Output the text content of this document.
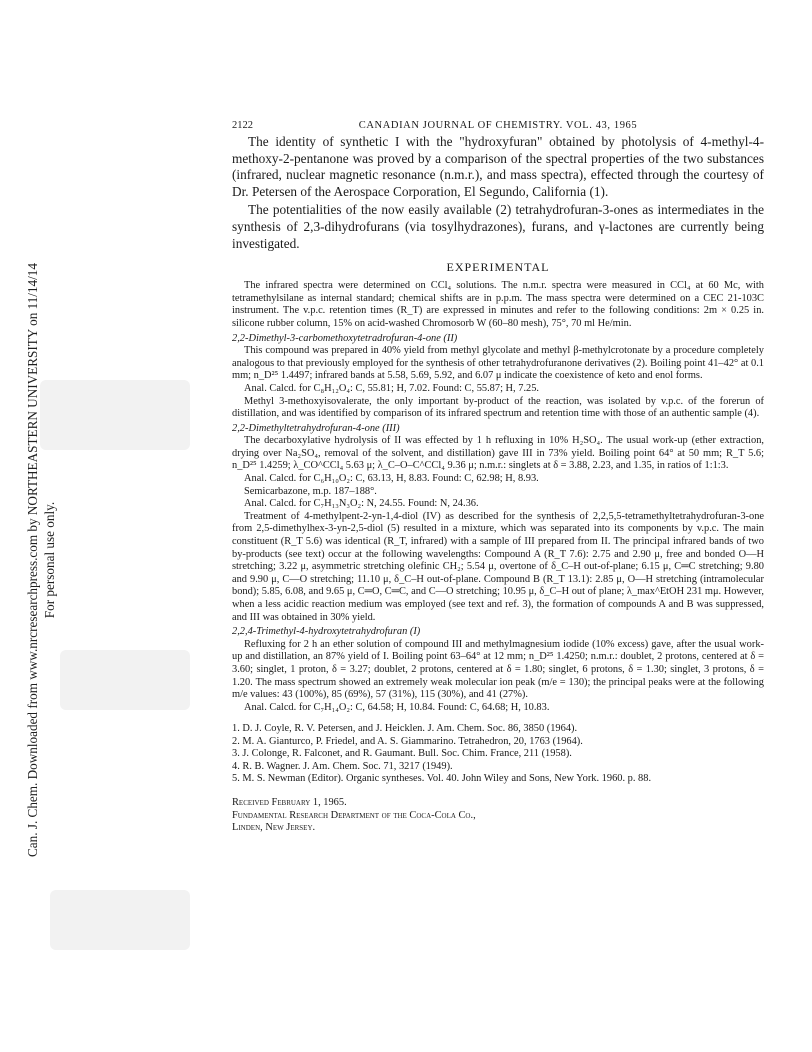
Can. J. Chem. Downloaded from www.nrcresearchpress.com by NORTHEASTERN UNIVERSITY on 11/14/14 For personal use only.
2122	CANADIAN JOURNAL OF CHEMISTRY. VOL. 43, 1965

The identity of synthetic I with the "hydroxyfuran" obtained by photolysis of 4-methyl-4-methoxy-2-pentanone was proved by a comparison of the spectral properties of the two substances (infrared, nuclear magnetic resonance (n.m.r.), and mass spectra), effected through the courtesy of Dr. Petersen of the Aerospace Corporation, El Segundo, California (1).

The potentialities of the now easily available (2) tetrahydrofuran-3-ones as intermediates in the synthesis of 2,3-dihydrofurans (via tosylhydrazones), furans, and γ-lactones are currently being investigated.

EXPERIMENTAL

The infrared spectra were determined on CCl₄ solutions. The n.m.r. spectra were measured in CCl₄ at 60 Mc, with tetramethylsilane as internal standard; chemical shifts are in p.p.m. The mass spectra were determined on a CEC 21-103C instrument. The v.p.c. retention times (R_T) are expressed in minutes and refer to the following conditions: 2m × 0.25 in. silicone rubber column, 15% on acid-washed Chromosorb W (60–80 mesh), 75°, 70 ml He/min.

2,2-Dimethyl-3-carbomethoxytetradrofuran-4-one (II)

This compound was prepared in 40% yield from methyl glycolate and methyl β-methylcrotonate by a procedure completely analogous to that previously employed for the synthesis of other tetrahydrofuranone derivatives (2). Boiling point 41–42° at 0.1 mm; n_D²⁵ 1.4497; infrared bands at 5.58, 5.69, 5.92, and 6.07 μ indicate the coexistence of keto and enol forms.

Anal. Calcd. for C₈H₁₂O₄: C, 55.81; H, 7.02. Found: C, 55.87; H, 7.25.

Methyl 3-methoxyisovalerate, the only important by-product of the reaction, was isolated by v.p.c. of the forerun of distillation, and was identified by comparison of its infrared spectrum and retention time with those of an authentic sample (4).

2,2-Dimethyltetrahydrofuran-4-one (III)

The decarboxylative hydrolysis of II was effected by 1 h refluxing in 10% H₂SO₄. The usual work-up (ether extraction, drying over Na₂SO₄, removal of the solvent, and distillation) gave III in 73% yield. Boiling point 64° at 50 mm; R_T 5.6; n_D²⁵ 1.4259; λ_CO^CCl₄ 5.63 μ; λ_C–O–C^CCl₄ 9.36 μ; n.m.r.: singlets at δ = 3.88, 2.23, and 1.35, in ratios of 1:1:3.

Anal. Calcd. for C₆H₁₀O₂: C, 63.13, H, 8.83. Found: C, 62.98; H, 8.93.

Semicarbazone, m.p. 187–188°.

Anal. Calcd. for C₇H₁₃N₃O₂: N, 24.55. Found: N, 24.36.

Treatment of 4-methylpent-2-yn-1,4-diol (IV) as described for the synthesis of 2,2,5,5-tetramethyltetrahydrofuran-3-one from 2,5-dimethylhex-3-yn-2,5-diol (5) resulted in a mixture, which was separated into its components by v.p.c. The main constituent (R_T 5.6) was identical (R_T, infrared) with a sample of III prepared from II. The principal infrared bands of two by-products (see text) occur at the following wavelengths: Compound A (R_T 7.6): 2.75 and 2.90 μ, free and bonded O—H stretching; 3.22 μ, asymmetric stretching olefinic CH₂; 5.54 μ, overtone of δ_C–H out-of-plane; 6.15 μ, C═C stretching; 9.80 and 9.90 μ, C—O stretching; 11.10 μ, δ_C–H out-of-plane. Compound B (R_T 13.1): 2.85 μ, O—H stretching (intramolecular bond); 5.85, 6.08, and 9.65 μ, C═O, C═C, and C—O stretching; 10.95 μ, δ_C–H out of plane; λ_max^EtOH 231 mμ. However, when a less acidic reaction medium was employed (see text and ref. 3), the formation of compounds A and B was suppressed, and III was obtained in 30% yield.

2,2,4-Trimethyl-4-hydroxytetrahydrofuran (I)

Refluxing for 2 h an ether solution of compound III and methylmagnesium iodide (10% excess) gave, after the usual work-up and distillation, an 87% yield of I. Boiling point 63–64° at 12 mm; n_D²⁵ 1.4250; n.m.r.: doublet, 2 protons, centered at δ = 3.60; singlet, 1 proton, δ = 3.27; doublet, 2 protons, centered at δ = 1.80; singlet, 6 protons, δ = 1.30; singlet, 3 protons, δ = 1.20. The mass spectrum showed an extremely weak molecular ion peak (m/e = 130); the principal peaks were at the following m/e values: 43 (100%), 85 (69%), 57 (31%), 115 (30%), and 41 (27%).

Anal. Calcd. for C₇H₁₄O₂: C, 64.58; H, 10.84. Found: C, 64.68; H, 10.83.

1. D. J. Coyle, R. V. Petersen, and J. Heicklen. J. Am. Chem. Soc. 86, 3850 (1964).
2. M. A. Gianturco, P. Friedel, and A. S. Giammarino. Tetrahedron, 20, 1763 (1964).
3. J. Colonge, R. Falconet, and R. Gaumant. Bull. Soc. Chim. France, 211 (1958).
4. R. B. Wagner. J. Am. Chem. Soc. 71, 3217 (1949).
5. M. S. Newman (Editor). Organic syntheses. Vol. 40. John Wiley and Sons, New York. 1960. p. 88.
Received February 1, 1965.
Fundamental Research Department of the Coca-Cola Co.,
Linden, New Jersey.
